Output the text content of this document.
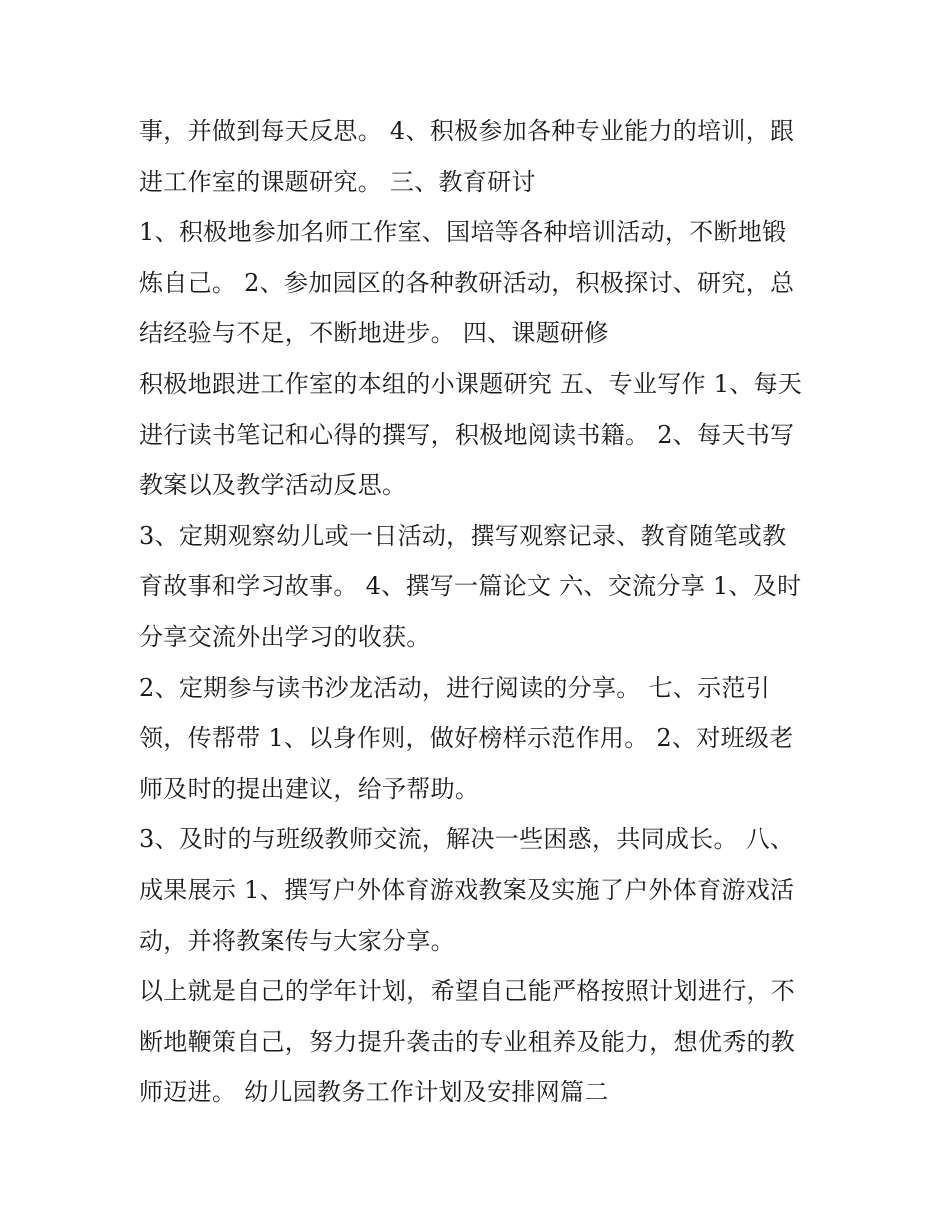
事，并做到每天反思。 4、积极参加各种专业能力的培训，跟
进工作室的课题研究。 三、教育研讨
1、积极地参加名师工作室、国培等各种培训活动，不断地锻
炼自己。 2、参加园区的各种教研活动，积极探讨、研究，总
结经验与不足，不断地进步。 四、课题研修
积极地跟进工作室的本组的小课题研究 五、专业写作 1、每天
进行读书笔记和心得的撰写，积极地阅读书籍。 2、每天书写
教案以及教学活动反思。
3、定期观察幼儿或一日活动，撰写观察记录、教育随笔或教
育故事和学习故事。 4、撰写一篇论文 六、交流分享 1、及时
分享交流外出学习的收获。
2、定期参与读书沙龙活动，进行阅读的分享。 七、示范引
领，传帮带 1、以身作则，做好榜样示范作用。 2、对班级老
师及时的提出建议，给予帮助。
3、及时的与班级教师交流，解决一些困惑，共同成长。 八、
成果展示 1、撰写户外体育游戏教案及实施了户外体育游戏活
动，并将教案传与大家分享。
以上就是自己的学年计划，希望自己能严格按照计划进行，不
断地鞭策自己，努力提升袭击的专业租养及能力，想优秀的教
师迈进。 幼儿园教务工作计划及安排网篇二
